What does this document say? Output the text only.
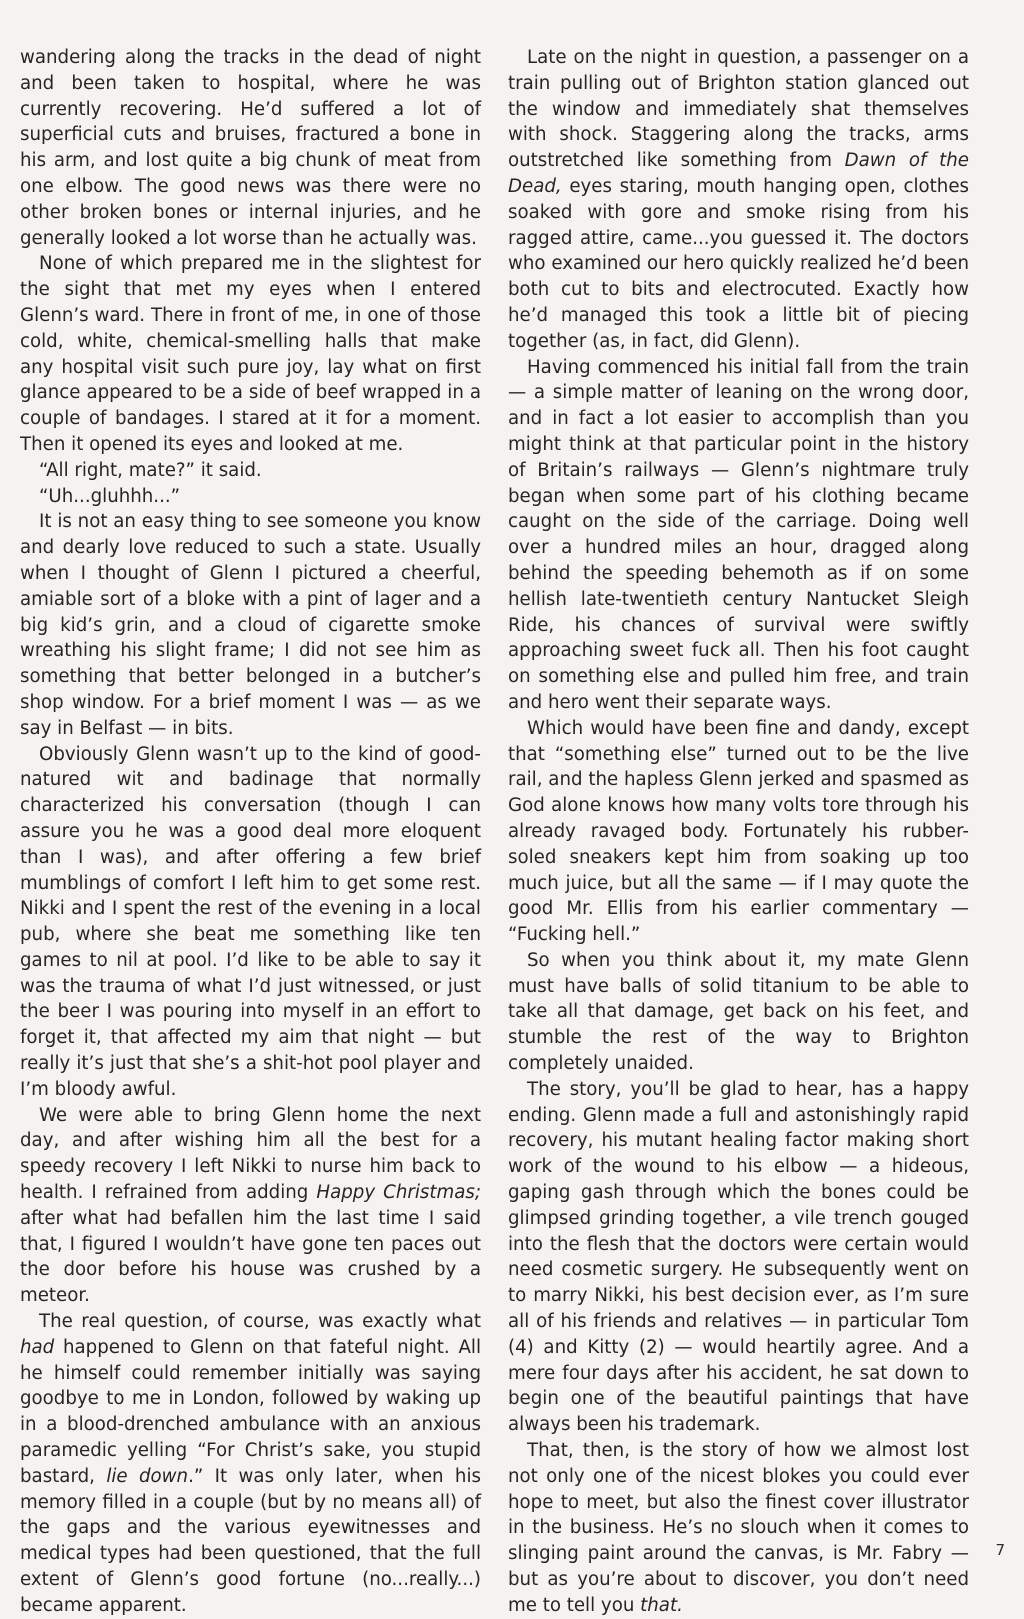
wandering along the tracks in the dead of night and been taken to hospital, where he was currently recovering. He’d suffered a lot of superficial cuts and bruises, fractured a bone in his arm, and lost quite a big chunk of meat from one elbow. The good news was there were no other broken bones or internal injuries, and he generally looked a lot worse than he actually was.

None of which prepared me in the slightest for the sight that met my eyes when I entered Glenn’s ward. There in front of me, in one of those cold, white, chemical-smelling halls that make any hospital visit such pure joy, lay what on first glance appeared to be a side of beef wrapped in a couple of bandages. I stared at it for a moment. Then it opened its eyes and looked at me.

“All right, mate?” it said.

“Uh...gluhhh...”

It is not an easy thing to see someone you know and dearly love reduced to such a state. Usually when I thought of Glenn I pictured a cheerful, amiable sort of a bloke with a pint of lager and a big kid’s grin, and a cloud of cigarette smoke wreathing his slight frame; I did not see him as something that better belonged in a butcher’s shop window. For a brief moment I was — as we say in Belfast — in bits.

Obviously Glenn wasn’t up to the kind of good-natured wit and badinage that normally characterized his conversation (though I can assure you he was a good deal more eloquent than I was), and after offering a few brief mumblings of comfort I left him to get some rest. Nikki and I spent the rest of the evening in a local pub, where she beat me something like ten games to nil at pool. I’d like to be able to say it was the trauma of what I’d just witnessed, or just the beer I was pouring into myself in an effort to forget it, that affected my aim that night — but really it’s just that she’s a shit-hot pool player and I’m bloody awful.

We were able to bring Glenn home the next day, and after wishing him all the best for a speedy recovery I left Nikki to nurse him back to health. I refrained from adding Happy Christmas; after what had befallen him the last time I said that, I figured I wouldn’t have gone ten paces out the door before his house was crushed by a meteor.

The real question, of course, was exactly what had happened to Glenn on that fateful night. All he himself could remember initially was saying goodbye to me in London, followed by waking up in a blood-drenched ambulance with an anxious paramedic yelling “For Christ’s sake, you stupid bastard, lie down.” It was only later, when his memory filled in a couple (but by no means all) of the gaps and the various eyewitnesses and medical types had been questioned, that the full extent of Glenn’s good fortune (no...really...) became apparent.

Late on the night in question, a passenger on a train pulling out of Brighton station glanced out the window and immediately shat themselves with shock. Staggering along the tracks, arms outstretched like something from Dawn of the Dead, eyes staring, mouth hanging open, clothes soaked with gore and smoke rising from his ragged attire, came...you guessed it. The doctors who examined our hero quickly realized he’d been both cut to bits and electrocuted. Exactly how he’d managed this took a little bit of piecing together (as, in fact, did Glenn).

Having commenced his initial fall from the train — a simple matter of leaning on the wrong door, and in fact a lot easier to accomplish than you might think at that particular point in the history of Britain’s railways — Glenn’s nightmare truly began when some part of his clothing became caught on the side of the carriage. Doing well over a hundred miles an hour, dragged along behind the speeding behemoth as if on some hellish late-twentieth century Nantucket Sleigh Ride, his chances of survival were swiftly approaching sweet fuck all. Then his foot caught on something else and pulled him free, and train and hero went their separate ways.

Which would have been fine and dandy, except that “something else” turned out to be the live rail, and the hapless Glenn jerked and spasmed as God alone knows how many volts tore through his already ravaged body. Fortunately his rubber-soled sneakers kept him from soaking up too much juice, but all the same — if I may quote the good Mr. Ellis from his earlier commentary — “Fucking hell.”

So when you think about it, my mate Glenn must have balls of solid titanium to be able to take all that damage, get back on his feet, and stumble the rest of the way to Brighton completely unaided.

The story, you’ll be glad to hear, has a happy ending. Glenn made a full and astonishingly rapid recovery, his mutant healing factor making short work of the wound to his elbow — a hideous, gaping gash through which the bones could be glimpsed grinding together, a vile trench gouged into the flesh that the doctors were certain would need cosmetic surgery. He subsequently went on to marry Nikki, his best decision ever, as I’m sure all of his friends and relatives — in particular Tom (4) and Kitty (2) — would heartily agree. And a mere four days after his accident, he sat down to begin one of the beautiful paintings that have always been his trademark.

That, then, is the story of how we almost lost not only one of the nicest blokes you could ever hope to meet, but also the finest cover illustrator in the business. He’s no slouch when it comes to slinging paint around the canvas, is Mr. Fabry — but as you’re about to discover, you don’t need me to tell you that.

7
